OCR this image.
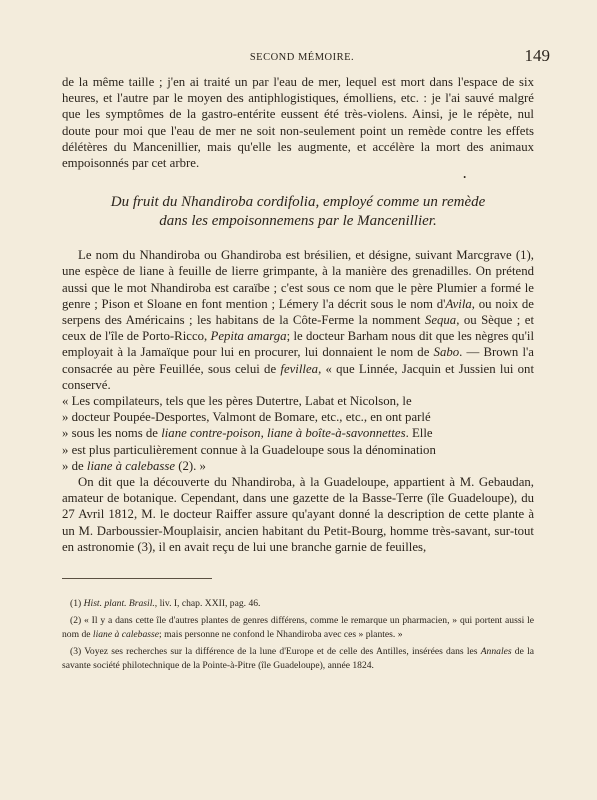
SECOND MÉMOIRE.	149

de la même taille ; j'en ai traité un par l'eau de mer, lequel est mort dans l'espace de six heures, et l'autre par le moyen des antiphlogistiques, émolliens, etc. : je l'ai sauvé malgré que les symptômes de la gastro-entérite eussent été très-violens. Ainsi, je le répète, nul doute pour moi que l'eau de mer ne soit non-seulement point un remède contre les effets délétères du Mancenillier, mais qu'elle les augmente, et accélère la mort des animaux empoisonnés par cet arbre.

•
Du fruit du Nhandiroba cordifolia, employé comme un remède
dans les empoisonnemens par le Mancenillier.

Le nom du Nhandiroba ou Ghandiroba est brésilien, et désigne, suivant Marcgrave (1), une espèce de liane à feuille de lierre grimpante, à la manière des grenadilles. On prétend aussi que le mot Nhandiroba est caraïbe ; c'est sous ce nom que le père Plumier a formé le genre ; Pison et Sloane en font mention ; Lémery l'a décrit sous le nom d'Avila, ou noix de serpens des Américains ; les habitans de la Côte-Ferme la nomment Sequa, ou Sèque ; et ceux de l'île de Porto-Ricco, Pepita amarga; le docteur Barham nous dit que les nègres qu'il employait à la Jamaïque pour lui en procurer, lui donnaient le nom de Sabo. — Brown l'a consacrée au père Feuillée, sous celui de fevillea, « que Linnée, Jacquin et Jussien lui ont conservé.

« Les compilateurs, tels que les pères Dutertre, Labat et Nicolson, le
» docteur Poupée-Desportes, Valmont de Bomare, etc., etc., en ont parlé
» sous les noms de liane contre-poison, liane à boîte-à-savonnettes. Elle
» est plus particulièrement connue à la Guadeloupe sous la dénomination
» de liane à calebasse (2). »

On dit que la découverte du Nhandiroba, à la Guadeloupe, appartient à M. Gebaudan, amateur de botanique. Cependant, dans une gazette de la Basse-Terre (île Guadeloupe), du 27 Avril 1812, M. le docteur Raiffer assure qu'ayant donné la description de cette plante à un M. Darboussier-Mouplaisir, ancien habitant du Petit-Bourg, homme très-savant, sur-tout en astronomie (3), il en avait reçu de lui une branche garnie de feuilles,

(1) Hist. plant. Brasil., liv. I, chap. XXII, pag. 46.
(2) « Il y a dans cette île d'autres plantes de genres différens, comme le remarque un pharmacien, » qui portent aussi le nom de liane à calebasse; mais personne ne confond le Nhandiroba avec ces » plantes. »
(3) Voyez ses recherches sur la différence de la lune d'Europe et de celle des Antilles, insérées dans les Annales de la savante société philotechnique de la Pointe-à-Pitre (île Guadeloupe), année 1824.
